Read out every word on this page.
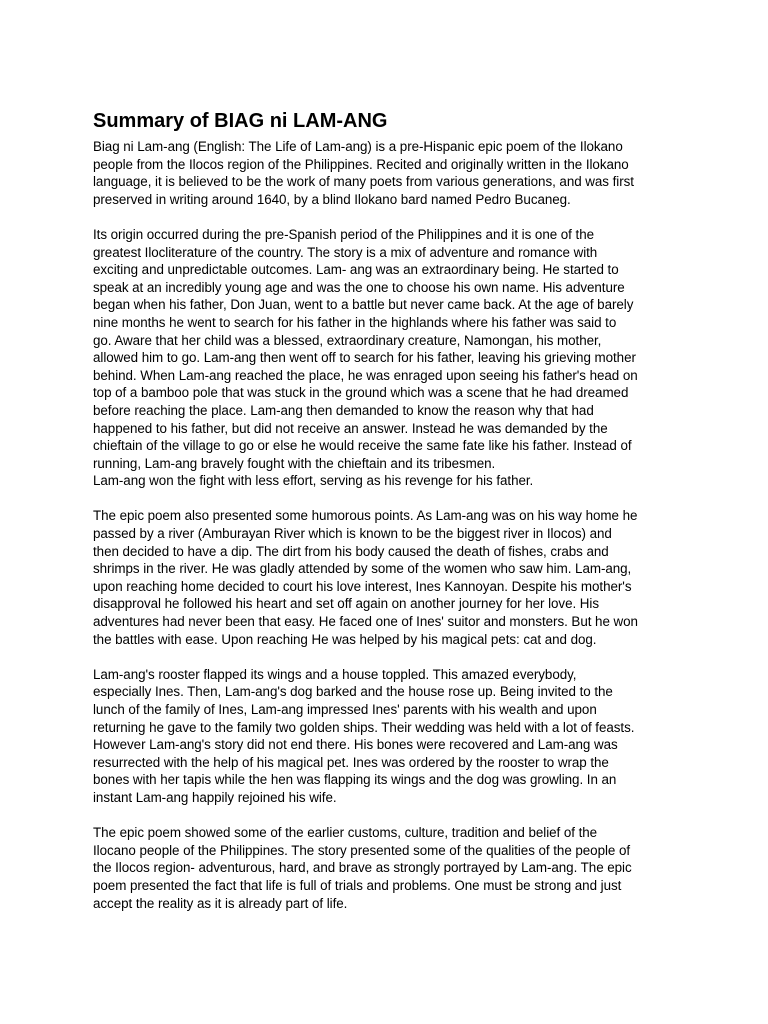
Summary of BIAG ni LAM-ANG

Biag ni Lam-ang (English: The Life of Lam-ang) is a pre-Hispanic epic poem of the Ilokano
people from the Ilocos region of the Philippines. Recited and originally written in the Ilokano
language, it is believed to be the work of many poets from various generations, and was first
preserved in writing around 1640, by a blind Ilokano bard named Pedro Bucaneg.

Its origin occurred during the pre-Spanish period of the Philippines and it is one of the
greatest Ilocliterature of the country. The story is a mix of adventure and romance with
exciting and unpredictable outcomes. Lam- ang was an extraordinary being. He started to
speak at an incredibly young age and was the one to choose his own name. His adventure
began when his father, Don Juan, went to a battle but never came back. At the age of barely
nine months he went to search for his father in the highlands where his father was said to
go. Aware that her child was a blessed, extraordinary creature, Namongan, his mother,
allowed him to go. Lam-ang then went off to search for his father, leaving his grieving mother
behind. When Lam-ang reached the place, he was enraged upon seeing his father's head on
top of a bamboo pole that was stuck in the ground which was a scene that he had dreamed
before reaching the place. Lam-ang then demanded to know the reason why that had
happened to his father, but did not receive an answer. Instead he was demanded by the
chieftain of the village to go or else he would receive the same fate like his father. Instead of
running, Lam-ang bravely fought with the chieftain and its tribesmen.
Lam-ang won the fight with less effort, serving as his revenge for his father.

The epic poem also presented some humorous points. As Lam-ang was on his way home he
passed by a river (Amburayan River which is known to be the biggest river in Ilocos) and
then decided to have a dip. The dirt from his body caused the death of fishes, crabs and
shrimps in the river. He was gladly attended by some of the women who saw him. Lam-ang,
upon reaching home decided to court his love interest, Ines Kannoyan. Despite his mother's
disapproval he followed his heart and set off again on another journey for her love. His
adventures had never been that easy. He faced one of Ines' suitor and monsters. But he won
the battles with ease. Upon reaching He was helped by his magical pets: cat and dog.

Lam-ang's rooster flapped its wings and a house toppled. This amazed everybody,
especially Ines. Then, Lam-ang's dog barked and the house rose up. Being invited to the
lunch of the family of Ines, Lam-ang impressed Ines' parents with his wealth and upon
returning he gave to the family two golden ships. Their wedding was held with a lot of feasts.
However Lam-ang's story did not end there. His bones were recovered and Lam-ang was
resurrected with the help of his magical pet. Ines was ordered by the rooster to wrap the
bones with her tapis while the hen was flapping its wings and the dog was growling. In an
instant Lam-ang happily rejoined his wife.

The epic poem showed some of the earlier customs, culture, tradition and belief of the
Ilocano people of the Philippines. The story presented some of the qualities of the people of
the Ilocos region- adventurous, hard, and brave as strongly portrayed by Lam-ang. The epic
poem presented the fact that life is full of trials and problems. One must be strong and just
accept the reality as it is already part of life.
